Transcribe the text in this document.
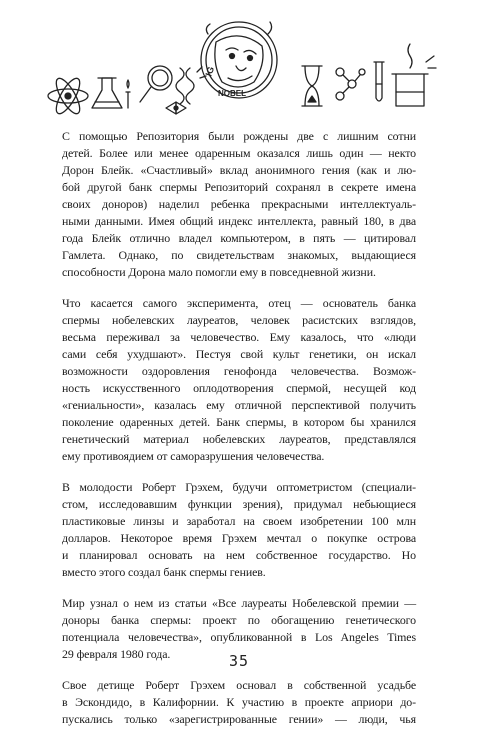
IG
NOBEL

С помощью Репозитория были рождены две с лишним сотни
детей. Более или менее одаренным оказался лишь один — некто
Дорон Блейк. «Счастливый» вклад анонимного гения (как и лю-
бой другой банк спермы Репозиторий сохранял в секрете имена
своих доноров) наделил ребенка прекрасными интеллектуаль-
ными данными. Имея общий индекс интеллекта, равный 180, в два
года Блейк отлично владел компьютером, в пять — цитировал
Гамлета. Однако, по свидетельствам знакомых, выдающиеся
способности Дорона мало помогли ему в повседневной жизни.

Что касается самого эксперимента, отец — основатель банка
спермы нобелевских лауреатов, человек расистских взглядов,
весьма переживал за человечество. Ему казалось, что «люди
сами себя ухудшают». Пестуя свой культ генетики, он искал
возможности оздоровления генофонда человечества. Возмож-
ность искусственного оплодотворения спермой, несущей код
«гениальности», казалась ему отличной перспективой получить
поколение одаренных детей. Банк спермы, в котором бы хранился
генетический материал нобелевских лауреатов, представлялся
ему противоядием от саморазрушения человечества.

В молодости Роберт Грэхем, будучи оптометристом (специали-
стом, исследовавшим функции зрения), придумал небьющиеся
пластиковые линзы и заработал на своем изобретении 100 млн
долларов. Некоторое время Грэхем мечтал о покупке острова
и планировал основать на нем собственное государство. Но
вместо этого создал банк спермы гениев.

Мир узнал о нем из статьи «Все лауреаты Нобелевской премии —
доноры банка спермы: проект по обогащению генетического
потенциала человечества», опубликованной в Los Angeles Times
29 февраля 1980 года.

Свое детище Роберт Грэхем основал в собственной усадьбе
в Эскондидо, в Калифорнии. К участию в проекте априори до-
пускались только «зарегистрированные гении» — люди, чья

35
